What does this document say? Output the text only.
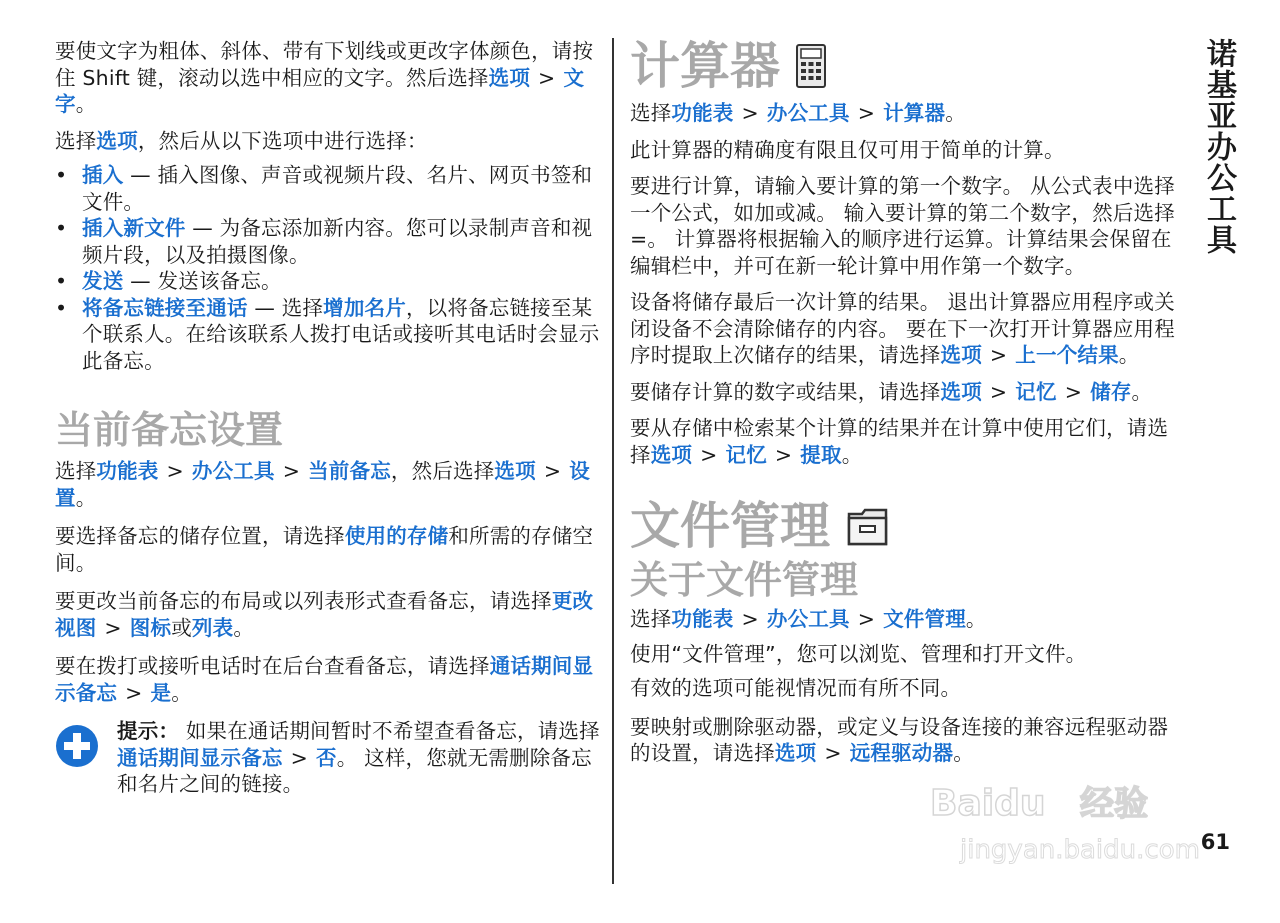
要使文字为粗体、斜体、带有下划线或更改字体颜色，请按住 Shift 键，滚动以选中相应的文字。然后选择选项 > 文字。

选择选项，然后从以下选项中进行选择：

• 插入 — 插入图像、声音或视频片段、名片、网页书签和文件。
• 插入新文件 — 为备忘添加新内容。您可以录制声音和视频片段，以及拍摄图像。
• 发送 — 发送该备忘。
• 将备忘链接至通话 — 选择增加名片，以将备忘链接至某个联系人。在给该联系人拨打电话或接听其电话时会显示此备忘。
当前备忘设置

选择功能表 > 办公工具 > 当前备忘，然后选择选项 > 设置。

要选择备忘的储存位置，请选择使用的存储和所需的存储空间。

要更改当前备忘的布局或以列表形式查看备忘，请选择更改视图 > 图标或列表。

要在拨打或接听电话时在后台查看备忘，请选择通话期间显示备忘 > 是。

提示： 如果在通话期间暂时不希望查看备忘，请选择通话期间显示备忘 > 否。 这样，您就无需删除备忘和名片之间的链接。

计算器

选择功能表 > 办公工具 > 计算器。

此计算器的精确度有限且仅可用于简单的计算。

要进行计算，请输入要计算的第一个数字。 从公式表中选择一个公式，如加或减。 输入要计算的第二个数字，然后选择 =。 计算器将根据输入的顺序进行运算。计算结果会保留在编辑栏中，并可在新一轮计算中用作第一个数字。

设备将储存最后一次计算的结果。 退出计算器应用程序或关闭设备不会清除储存的内容。 要在下一次打开计算器应用程序时提取上次储存的结果，请选择选项 > 上一个结果。

要储存计算的数字或结果，请选择选项 > 记忆 > 储存。

要从存储中检索某个计算的结果并在计算中使用它们，请选择选项 > 记忆 > 提取。

文件管理
关于文件管理

选择功能表 > 办公工具 > 文件管理。

使用“文件管理”，您可以浏览、管理和打开文件。

有效的选项可能视情况而有所不同。

要映射或删除驱动器，或定义与设备连接的兼容远程驱动器的设置，请选择选项 > 远程驱动器。

诺基亚办公工具
61
Baidu 经验
jingyan.baidu.com
